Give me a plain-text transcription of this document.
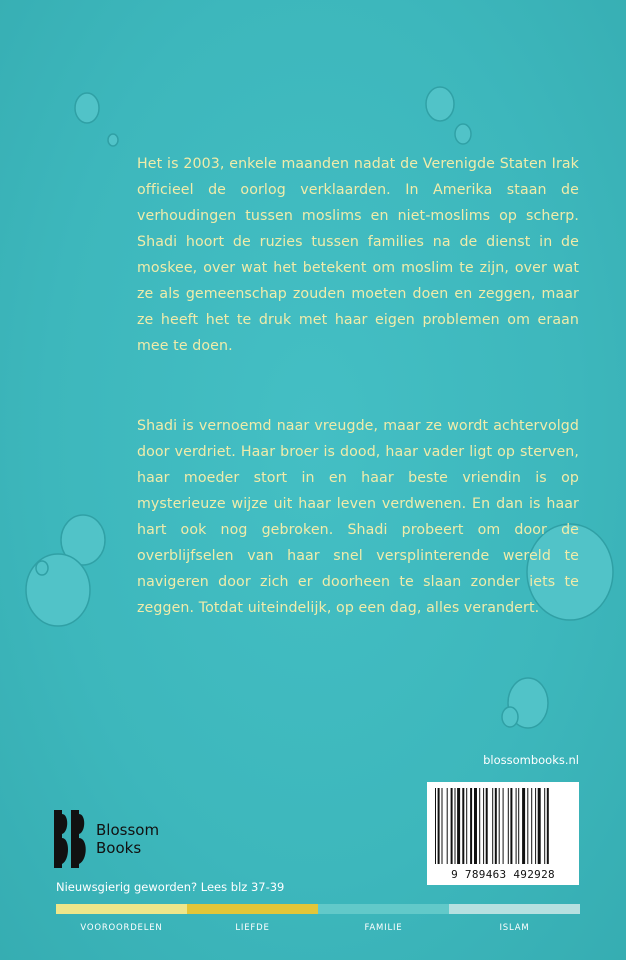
Het is 2003, enkele maanden nadat de Verenigde Staten Irak officieel de oorlog verklaarden. In Amerika staan de verhoudingen tussen moslims en niet-moslims op scherp. Shadi hoort de ruzies tussen families na de dienst in de moskee, over wat het betekent om moslim te zijn, over wat ze als gemeenschap zouden moeten doen en zeggen, maar ze heeft het te druk met haar eigen problemen om eraan mee te doen.

Shadi is vernoemd naar vreugde, maar ze wordt achtervolgd door verdriet. Haar broer is dood, haar vader ligt op sterven, haar moeder stort in en haar beste vriendin is op mysterieuze wijze uit haar leven verdwenen. En dan is haar hart ook nog gebroken. Shadi probeert om door de overblijfselen van haar snel versplinterende wereld te navigeren door zich er doorheen te slaan zonder iets te zeggen. Totdat uiteindelijk, op een dag, alles verandert.

blossombooks.nl
9 789463 492928
Blossom
Books
Nieuwsgierig geworden? Lees blz 37-39
VOOROORDELEN	LIEFDE	FAMILIE	ISLAM
